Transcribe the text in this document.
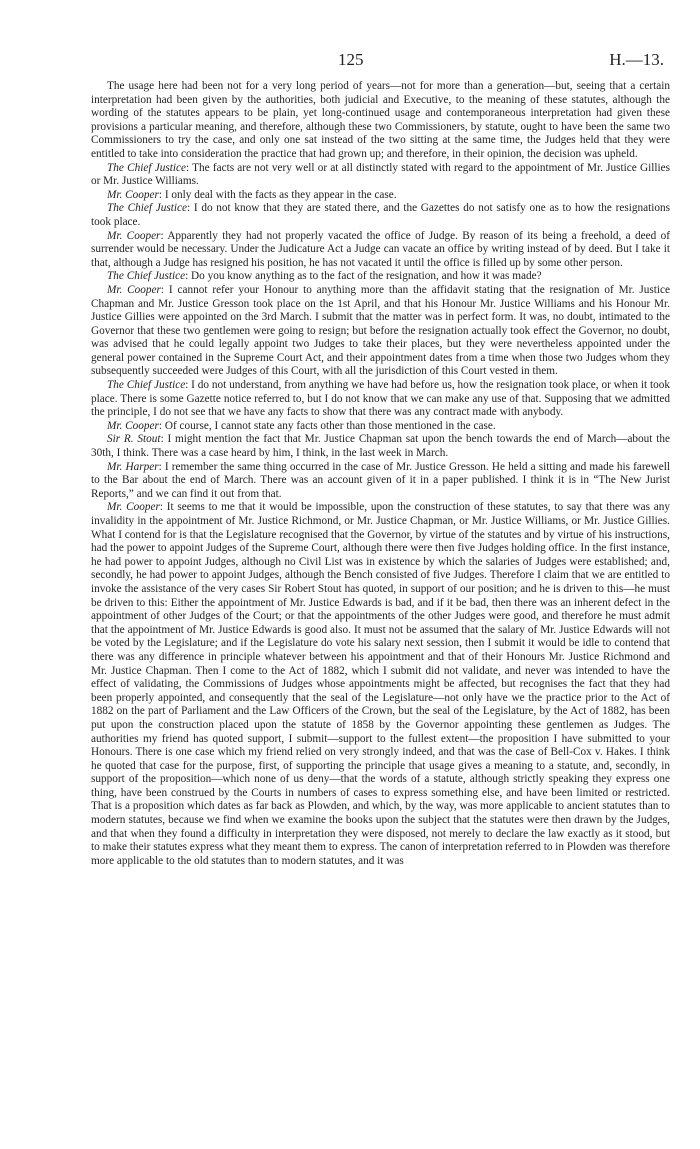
125	H.—13.

The usage here had been not for a very long period of years—not for more than a generation—but, seeing that a certain interpretation had been given by the authorities, both judicial and Executive, to the meaning of these statutes, although the wording of the statutes appears to be plain, yet long-continued usage and contemporaneous interpretation had given these provisions a particular meaning, and therefore, although these two Commissioners, by statute, ought to have been the same two Commissioners to try the case, and only one sat instead of the two sitting at the same time, the Judges held that they were entitled to take into consideration the practice that had grown up; and therefore, in their opinion, the decision was upheld.

The Chief Justice: The facts are not very well or at all distinctly stated with regard to the appointment of Mr. Justice Gillies or Mr. Justice Williams.

Mr. Cooper: I only deal with the facts as they appear in the case.

The Chief Justice: I do not know that they are stated there, and the Gazettes do not satisfy one as to how the resignations took place.

Mr. Cooper: Apparently they had not properly vacated the office of Judge. By reason of its being a freehold, a deed of surrender would be necessary. Under the Judicature Act a Judge can vacate an office by writing instead of by deed. But I take it that, although a Judge has resigned his position, he has not vacated it until the office is filled up by some other person.

The Chief Justice: Do you know anything as to the fact of the resignation, and how it was made?

Mr. Cooper: I cannot refer your Honour to anything more than the affidavit stating that the resignation of Mr. Justice Chapman and Mr. Justice Gresson took place on the 1st April, and that his Honour Mr. Justice Williams and his Honour Mr. Justice Gillies were appointed on the 3rd March. I submit that the matter was in perfect form. It was, no doubt, intimated to the Governor that these two gentlemen were going to resign; but before the resignation actually took effect the Governor, no doubt, was advised that he could legally appoint two Judges to take their places, but they were nevertheless appointed under the general power contained in the Supreme Court Act, and their appointment dates from a time when those two Judges whom they subsequently succeeded were Judges of this Court, with all the jurisdiction of this Court vested in them.

The Chief Justice: I do not understand, from anything we have had before us, how the resignation took place, or when it took place. There is some Gazette notice referred to, but I do not know that we can make any use of that. Supposing that we admitted the principle, I do not see that we have any facts to show that there was any contract made with anybody.

Mr. Cooper: Of course, I cannot state any facts other than those mentioned in the case.

Sir R. Stout: I might mention the fact that Mr. Justice Chapman sat upon the bench towards the end of March—about the 30th, I think. There was a case heard by him, I think, in the last week in March.

Mr. Harper: I remember the same thing occurred in the case of Mr. Justice Gresson. He held a sitting and made his farewell to the Bar about the end of March. There was an account given of it in a paper published. I think it is in “The New Jurist Reports,” and we can find it out from that.

Mr. Cooper: It seems to me that it would be impossible, upon the construction of these statutes, to say that there was any invalidity in the appointment of Mr. Justice Richmond, or Mr. Justice Chapman, or Mr. Justice Williams, or Mr. Justice Gillies. What I contend for is that the Legislature recognised that the Governor, by virtue of the statutes and by virtue of his instructions, had the power to appoint Judges of the Supreme Court, although there were then five Judges holding office. In the first instance, he had power to appoint Judges, although no Civil List was in existence by which the salaries of Judges were established; and, secondly, he had power to appoint Judges, although the Bench consisted of five Judges. Therefore I claim that we are entitled to invoke the assistance of the very cases Sir Robert Stout has quoted, in support of our position; and he is driven to this—he must be driven to this: Either the appointment of Mr. Justice Edwards is bad, and if it be bad, then there was an inherent defect in the appointment of other Judges of the Court; or that the appointments of the other Judges were good, and therefore he must admit that the appointment of Mr. Justice Edwards is good also. It must not be assumed that the salary of Mr. Justice Edwards will not be voted by the Legislature; and if the Legislature do vote his salary next session, then I submit it would be idle to contend that there was any difference in principle whatever between his appointment and that of their Honours Mr. Justice Richmond and Mr. Justice Chapman. Then I come to the Act of 1882, which I submit did not validate, and never was intended to have the effect of validating, the Commissions of Judges whose appointments might be affected, but recognises the fact that they had been properly appointed, and consequently that the seal of the Legislature—not only have we the practice prior to the Act of 1882 on the part of Parliament and the Law Officers of the Crown, but the seal of the Legislature, by the Act of 1882, has been put upon the construction placed upon the statute of 1858 by the Governor appointing these gentlemen as Judges. The authorities my friend has quoted support, I submit—support to the fullest extent—the proposition I have submitted to your Honours. There is one case which my friend relied on very strongly indeed, and that was the case of Bell-Cox v. Hakes. I think he quoted that case for the purpose, first, of supporting the principle that usage gives a meaning to a statute, and, secondly, in support of the proposition—which none of us deny—that the words of a statute, although strictly speaking they express one thing, have been construed by the Courts in numbers of cases to express something else, and have been limited or restricted. That is a proposition which dates as far back as Plowden, and which, by the way, was more applicable to ancient statutes than to modern statutes, because we find when we examine the books upon the subject that the statutes were then drawn by the Judges, and that when they found a difficulty in interpretation they were disposed, not merely to declare the law exactly as it stood, but to make their statutes express what they meant them to express. The canon of interpretation referred to in Plowden was therefore more applicable to the old statutes than to modern statutes, and it was
